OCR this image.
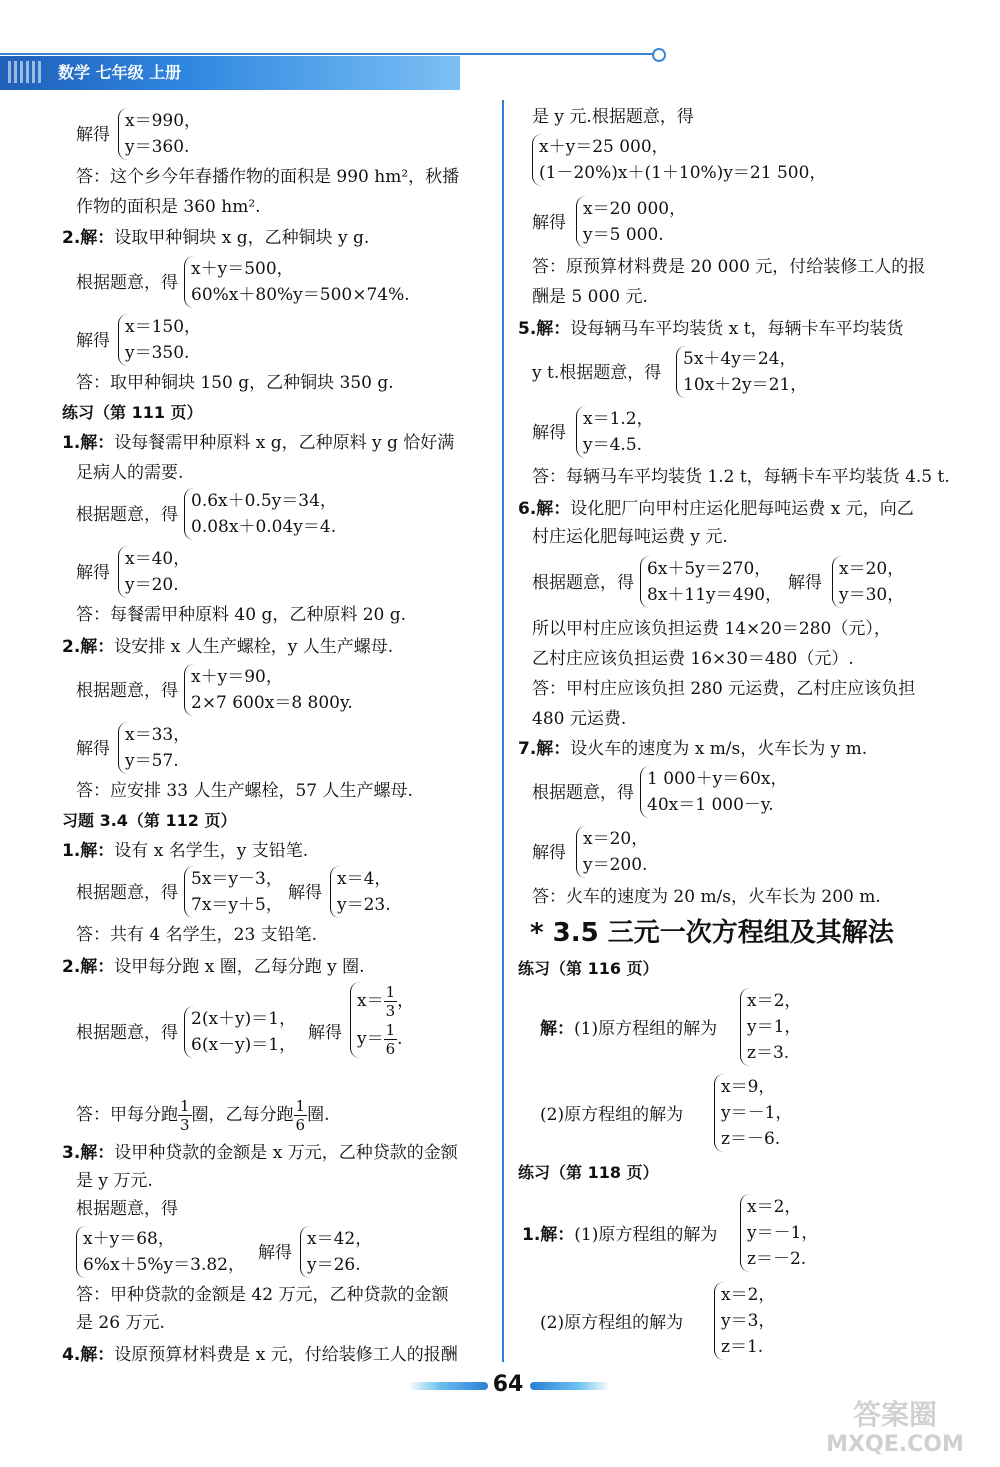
数学 七年级 上册
解得
x＝990，
y＝360.
答：这个乡今年春播作物的面积是 990 hm²，秋播
作物的面积是 360 hm².
2.解：设取甲种铜块 x g，乙种铜块 y g.
根据题意，得
x＋y＝500，
60%x＋80%y＝500×74%.
解得
x＝150，
y＝350.
答：取甲种铜块 150 g，乙种铜块 350 g.
练习（第 111 页）
1.解：设每餐需甲种原料 x g，乙种原料 y g 恰好满
足病人的需要.
根据题意，得
0.6x＋0.5y＝34，
0.08x＋0.04y＝4.
解得
x＝40，
y＝20.
答：每餐需甲种原料 40 g，乙种原料 20 g.
2.解：设安排 x 人生产螺栓，y 人生产螺母.
根据题意，得
x＋y＝90，
2×7 600x＝8 800y.
解得
x＝33，
y＝57.
答：应安排 33 人生产螺栓，57 人生产螺母.
习题 3.4（第 112 页）
1.解：设有 x 名学生，y 支铅笔.
根据题意，得
5x＝y－3，
7x＝y＋5，
解得
x＝4，
y＝23.
答：共有 4 名学生，23 支铅笔.
2.解：设甲每分跑 x 圈，乙每分跑 y 圈.
根据题意，得
2(x＋y)＝1，
6(x－y)＝1，
解得
$x= \frac{1}{3}$ ，
$y= \frac{1}{6}$ .
答：甲每分跑 $\frac{1}{3}$ 圈，乙每分跑 $\frac{1}{6}$ 圈.
3.解：设甲种贷款的金额是 x 万元，乙种贷款的金额
是 y 万元.
根据题意，得
x＋y＝68，
6%x＋5%y＝3.82，
解得
x＝42，
y＝26.
答：甲种贷款的金额是 42 万元，乙种贷款的金额
是 26 万元.
4.解：设原预算材料费是 x 元，付给装修工人的报酬
是 y 元.根据题意，得
x＋y＝25 000，
(1－20%)x＋(1＋10%)y＝21 500，
解得
x＝20 000，
y＝5 000.
答：原预算材料费是 20 000 元，付给装修工人的报
酬是 5 000 元.
5.解：设每辆马车平均装货 x t，每辆卡车平均装货
y t.根据题意，得
5x＋4y＝24，
10x＋2y＝21，
解得
x＝1.2，
y＝4.5.
答：每辆马车平均装货 1.2 t，每辆卡车平均装货 4.5 t.
6.解：设化肥厂向甲村庄运化肥每吨运费 x 元，向乙
村庄运化肥每吨运费 y 元.
根据题意，得
6x＋5y＝270，
8x＋11y＝490，
解得
x＝20，
y＝30，
所以甲村庄应该负担运费 14×20＝280（元），
乙村庄应该负担运费 16×30＝480（元）.
答：甲村庄应该负担 280 元运费，乙村庄应该负担
480 元运费.
7.解：设火车的速度为 x m/s，火车长为 y m.
根据题意，得
1 000＋y＝60x，
40x＝1 000－y.
解得
x＝20，
y＝200.
答：火车的速度为 20 m/s，火车长为 200 m.
* 3.5 三元一次方程组及其解法
练习（第 116 页）
解：(1)原方程组的解为
x＝2，
y＝1，
z＝3.
(2)原方程组的解为
x＝9，
y＝－1，
z＝－6.
练习（第 118 页）
1.解：(1)原方程组的解为
x＝2，
y＝－1，
z＝－2.
(2)原方程组的解为
x＝2，
y＝3，
z＝1.
64
答案圈
MXQE.COM
